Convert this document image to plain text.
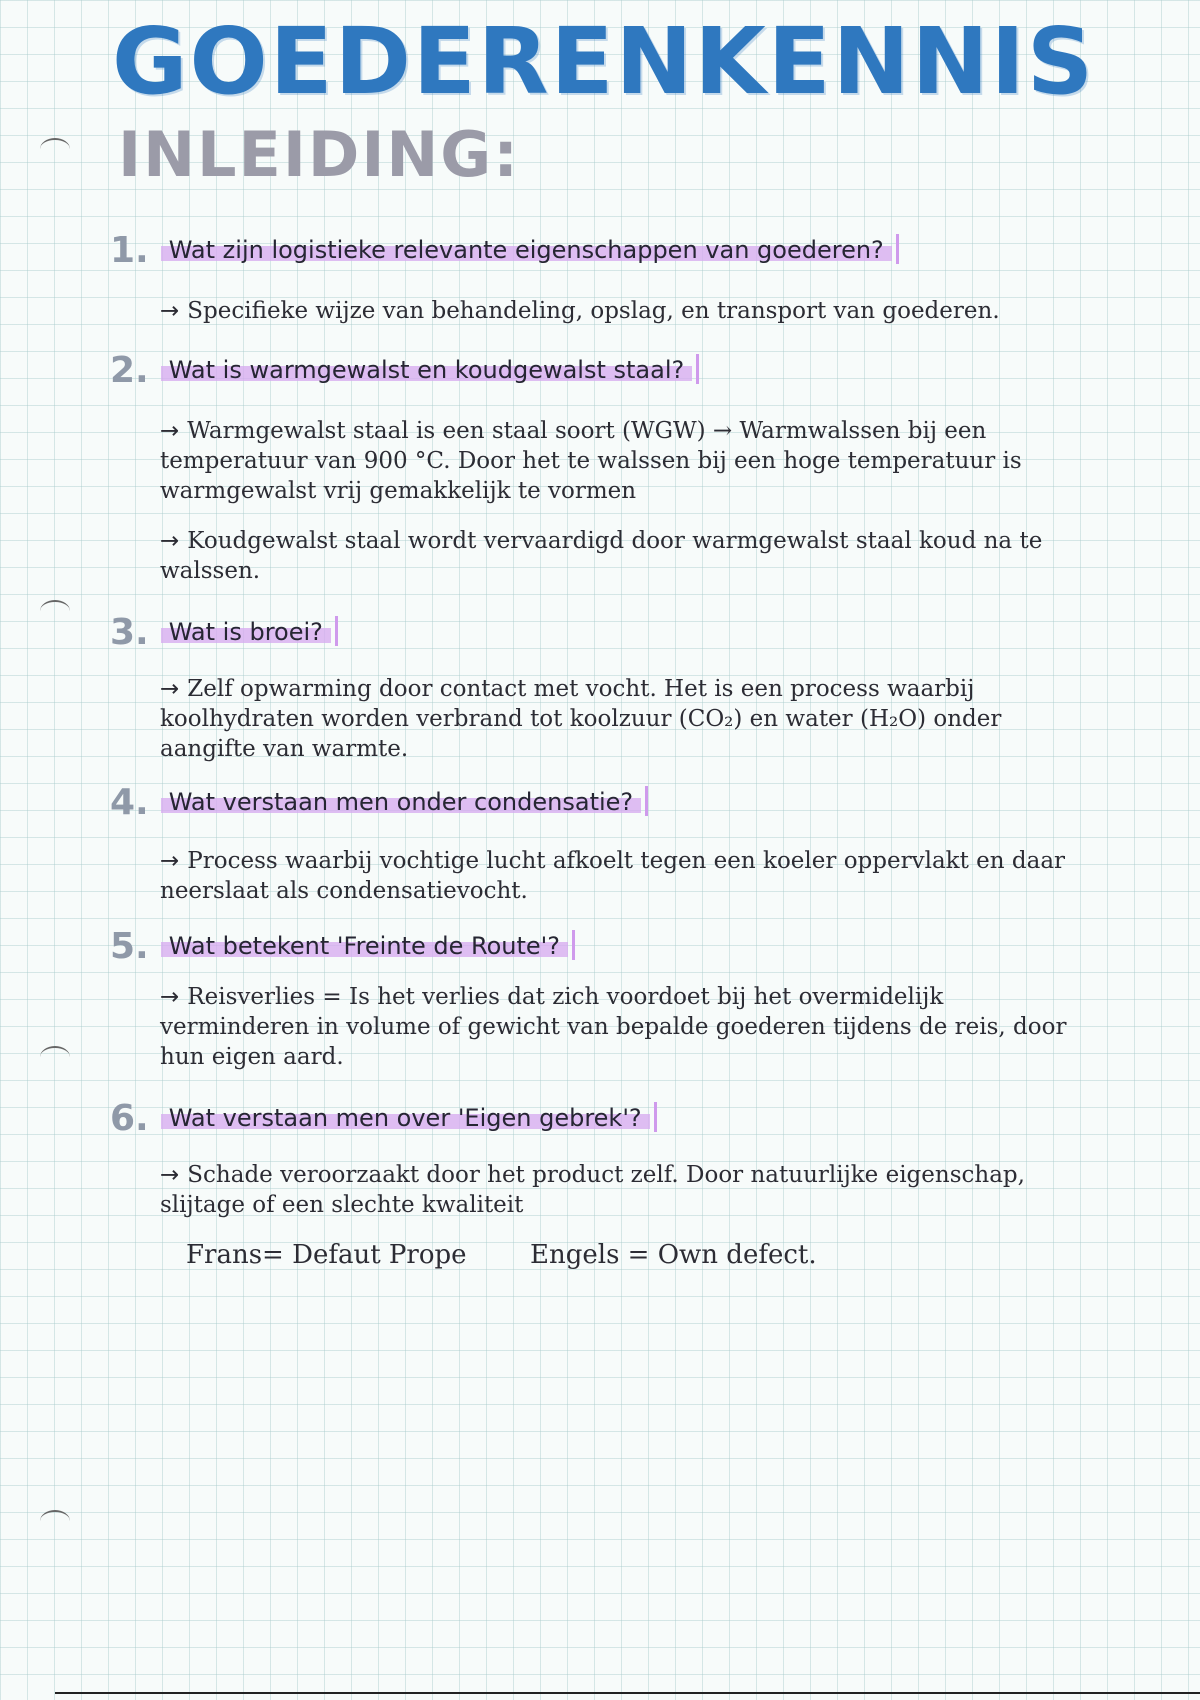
GOEDERENKENNIS
INLEIDING:
1. Wat zijn logistieke relevante eigenschappen van goederen?

→ Specifieke wijze van behandeling, opslag, en transport van goederen.

2. Wat is warmgewalst en koudgewalst staal?

→ Warmgewalst staal is een staal soort (WGW) → Warmwalssen bij een temperatuur van 900 °C. Door het te walssen bij een hoge temperatuur is warmgewalst vrij gemakkelijk te vormen

→ Koudgewalst staal wordt vervaardigd door warmgewalst staal koud na te walssen.

3. Wat is broei?

→ Zelf opwarming door contact met vocht. Het is een process waarbij koolhydraten worden verbrand tot koolzuur (CO₂) en water (H₂O) onder aangifte van warmte.

4. Wat verstaan men onder condensatie?

→ Process waarbij vochtige lucht afkoelt tegen een koeler oppervlakt en daar neerslaat als condensatievocht.

5. Wat betekent 'Freinte de Route'?

→ Reisverlies = Is het verlies dat zich voordoet bij het overmidelijk verminderen in volume of gewicht van bepalde goederen tijdens de reis, door hun eigen aard.

6. Wat verstaan men over 'Eigen gebrek'?

→ Schade veroorzaakt door het product zelf. Door natuurlijke eigenschap, slijtage of een slechte kwaliteit

Frans= Defaut Prope Engels = Own defect.
